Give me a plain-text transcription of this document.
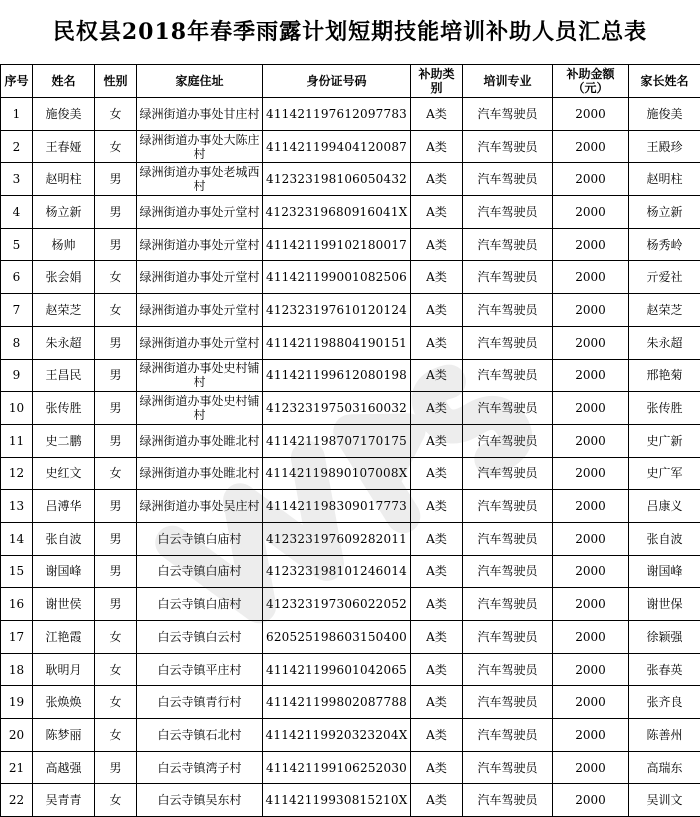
民权县2018年春季雨露计划短期技能培训补助人员汇总表
序号	姓名	性别	家庭住址	身份证号码	补助类别	培训专业	补助金额（元）	家长姓名
1	施俊美	女	绿洲街道办事处甘庄村	411421197612097783	A类	汽车驾驶员	2000	施俊美
2	王春娅	女	绿洲街道办事处大陈庄村	411421199404120087	A类	汽车驾驶员	2000	王殿珍
3	赵明柱	男	绿洲街道办事处老城西村	412323198106050432	A类	汽车驾驶员	2000	赵明柱
4	杨立新	男	绿洲街道办事处亓堂村	41232319680916041X	A类	汽车驾驶员	2000	杨立新
5	杨帅	男	绿洲街道办事处亓堂村	411421199102180017	A类	汽车驾驶员	2000	杨秀岭
6	张会娟	女	绿洲街道办事处亓堂村	411421199001082506	A类	汽车驾驶员	2000	亓爱社
7	赵荣芝	女	绿洲街道办事处亓堂村	412323197610120124	A类	汽车驾驶员	2000	赵荣芝
8	朱永超	男	绿洲街道办事处亓堂村	411421198804190151	A类	汽车驾驶员	2000	朱永超
9	王昌民	男	绿洲街道办事处史村铺村	411421199612080198	A类	汽车驾驶员	2000	邢艳菊
10	张传胜	男	绿洲街道办事处史村铺村	412323197503160032	A类	汽车驾驶员	2000	张传胜
11	史二鹏	男	绿洲街道办事处睢北村	411421198707170175	A类	汽车驾驶员	2000	史广新
12	史红文	女	绿洲街道办事处睢北村	41142119890107008X	A类	汽车驾驶员	2000	史广军
13	吕溥华	男	绿洲街道办事处吴庄村	411421198309017773	A类	汽车驾驶员	2000	吕康义
14	张自波	男	白云寺镇白庙村	412323197609282011	A类	汽车驾驶员	2000	张自波
15	谢国峰	男	白云寺镇白庙村	412323198101246014	A类	汽车驾驶员	2000	谢国峰
16	谢世侯	男	白云寺镇白庙村	412323197306022052	A类	汽车驾驶员	2000	谢世保
17	江艳霞	女	白云寺镇白云村	620525198603150400	A类	汽车驾驶员	2000	徐颖强
18	耿明月	女	白云寺镇平庄村	411421199601042065	A类	汽车驾驶员	2000	张春英
19	张焕焕	女	白云寺镇青行村	411421199802087788	A类	汽车驾驶员	2000	张齐良
20	陈梦丽	女	白云寺镇石北村	41142119920323204X	A类	汽车驾驶员	2000	陈善州
21	高越强	男	白云寺镇湾子村	411421199106252030	A类	汽车驾驶员	2000	高瑞东
22	吴青青	女	白云寺镇吴东村	41142119930815210X	A类	汽车驾驶员	2000	吴训文
